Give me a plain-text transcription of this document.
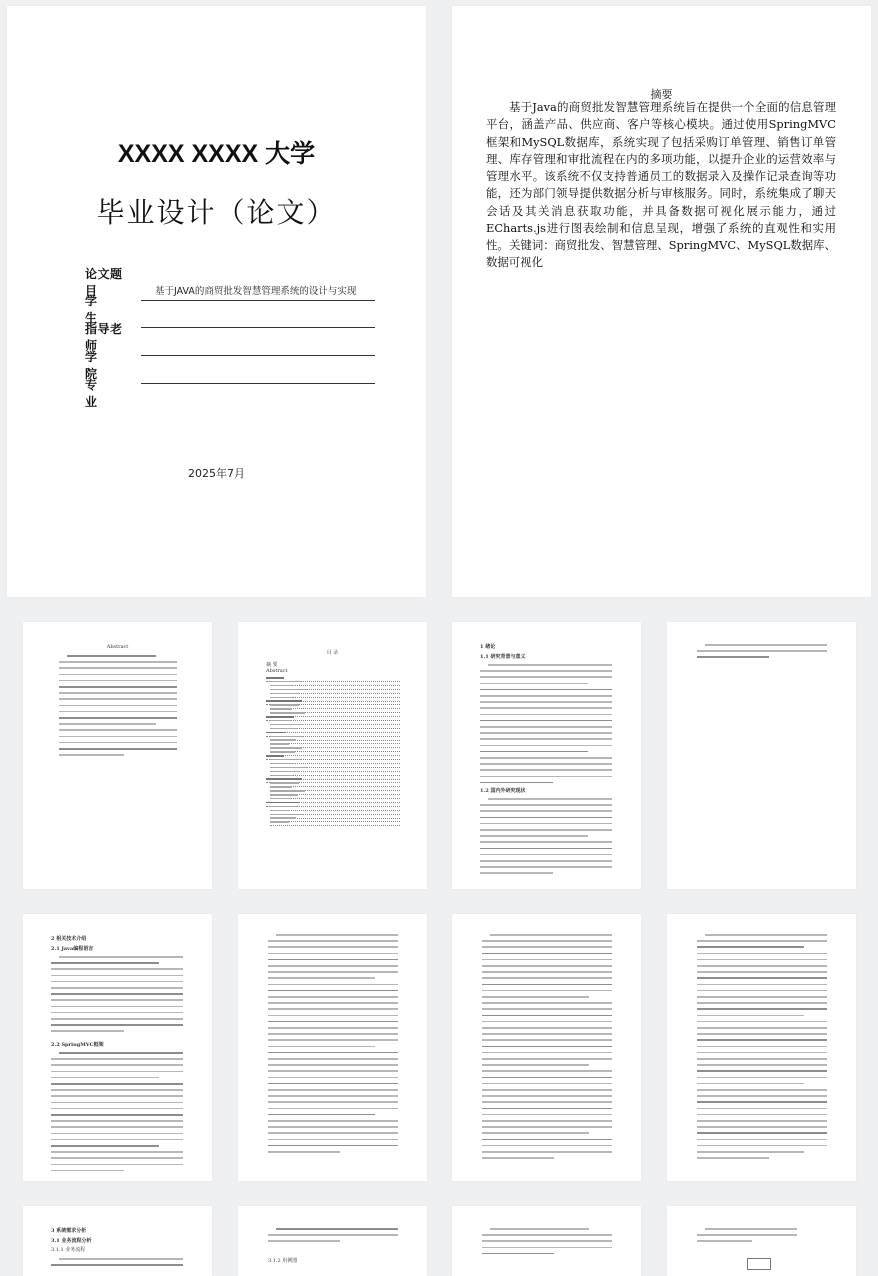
XXXX XXXX 大学
毕业设计（论文）
论文题目	基于JAVA的商贸批发智慧管理系统的设计与实现
学生
指导老师
学院
专业
2025年7月
摘要

基于Java的商贸批发智慧管理系统旨在提供一个全面的信息管理平台，涵盖产品、供应商、客户等核心模块。通过使用SpringMVC框架和MySQL数据库，系统实现了包括采购订单管理、销售订单管理、库存管理和审批流程在内的多项功能，以提升企业的运营效率与管理水平。该系统不仅支持普通员工的数据录入及操作记录查询等功能，还为部门领导提供数据分析与审核服务。同时，系统集成了聊天会话及其关消息获取功能，并具备数据可视化展示能力，通过ECharts.js进行图表绘制和信息呈现，增强了系统的直观性和实用性。 关键词：商贸批发、智慧管理、SpringMVC、MySQL数据库、数据可视化

Abstract
目 录
摘 要
Abstract
1 绪论
1.1 研究背景与意义
1.2 国内外研究现状
2 相关技术介绍
2.1 Java编程语言
2.2 SpringMVC框架
3 系统需求分析
3.1 业务流程分析
3.1.1 业务流程
3.1.2 用例图
